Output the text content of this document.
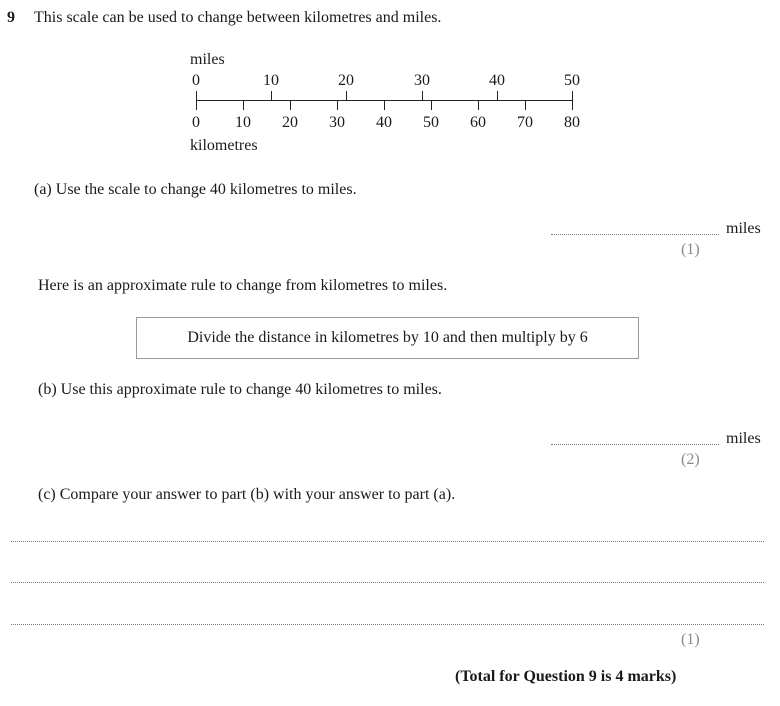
9 This scale can be used to change between kilometres and miles.
miles
0	10	20	30	40	50
0 10 20 30 40 50 60 70 80
kilometres
(a) Use the scale to change 40 kilometres to miles.
miles
(1)
Here is an approximate rule to change from kilometres to miles.
Divide the distance in kilometres by 10 and then multiply by 6
(b) Use this approximate rule to change 40 kilometres to miles.
miles
(2)
(c) Compare your answer to part (b) with your answer to part (a).
(1)
(Total for Question 9 is 4 marks)
